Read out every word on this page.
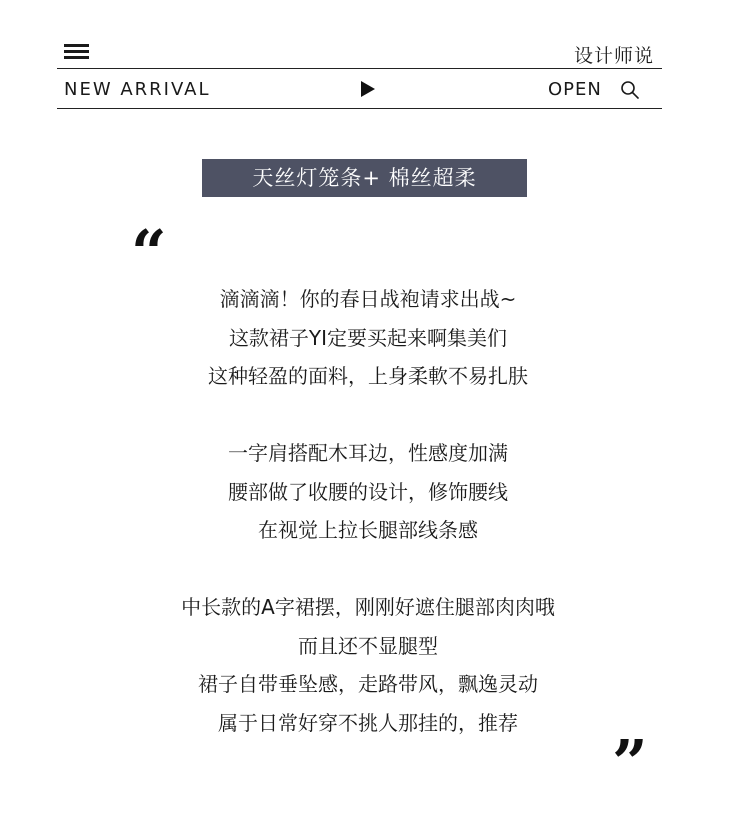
设计师说
NEW ARRIVAL	OPEN
天丝灯笼条+ 棉丝超柔
“
”
滴滴滴！你的春日战袍请求出战~
这款裙子YI定要买起来啊集美们
这种轻盈的面料，上身柔軟不易扎肤
一字肩搭配木耳边，性感度加满
腰部做了收腰的设计，修饰腰线
在视觉上拉长腿部线条感
中长款的A字裙摆，刚刚好遮住腿部肉肉哦
而且还不显腿型
裙子自带垂坠感，走路带风，飘逸灵动
属于日常好穿不挑人那挂的，推荐
